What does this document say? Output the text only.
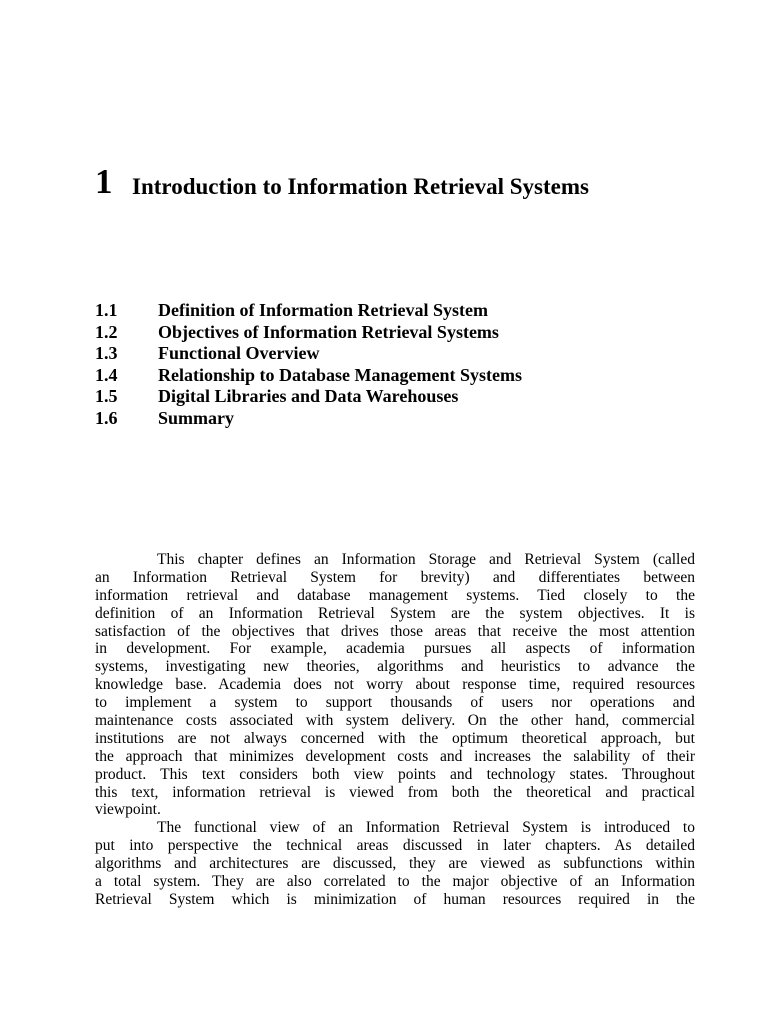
1 Introduction to Information Retrieval Systems
1.1 Definition of Information Retrieval System
1.2 Objectives of Information Retrieval Systems
1.3 Functional Overview
1.4 Relationship to Database Management Systems
1.5 Digital Libraries and Data Warehouses
1.6 Summary
This chapter defines an Information Storage and Retrieval System (called
an Information Retrieval System for brevity) and differentiates between
information retrieval and database management systems. Tied closely to the
definition of an Information Retrieval System are the system objectives. It is
satisfaction of the objectives that drives those areas that receive the most attention
in development. For example, academia pursues all aspects of information
systems, investigating new theories, algorithms and heuristics to advance the
knowledge base. Academia does not worry about response time, required resources
to implement a system to support thousands of users nor operations and
maintenance costs associated with system delivery. On the other hand, commercial
institutions are not always concerned with the optimum theoretical approach, but
the approach that minimizes development costs and increases the salability of their
product. This text considers both view points and technology states. Throughout
this text, information retrieval is viewed from both the theoretical and practical
viewpoint.
The functional view of an Information Retrieval System is introduced to
put into perspective the technical areas discussed in later chapters. As detailed
algorithms and architectures are discussed, they are viewed as subfunctions within
a total system. They are also correlated to the major objective of an Information
Retrieval System which is minimization of human resources required in the
